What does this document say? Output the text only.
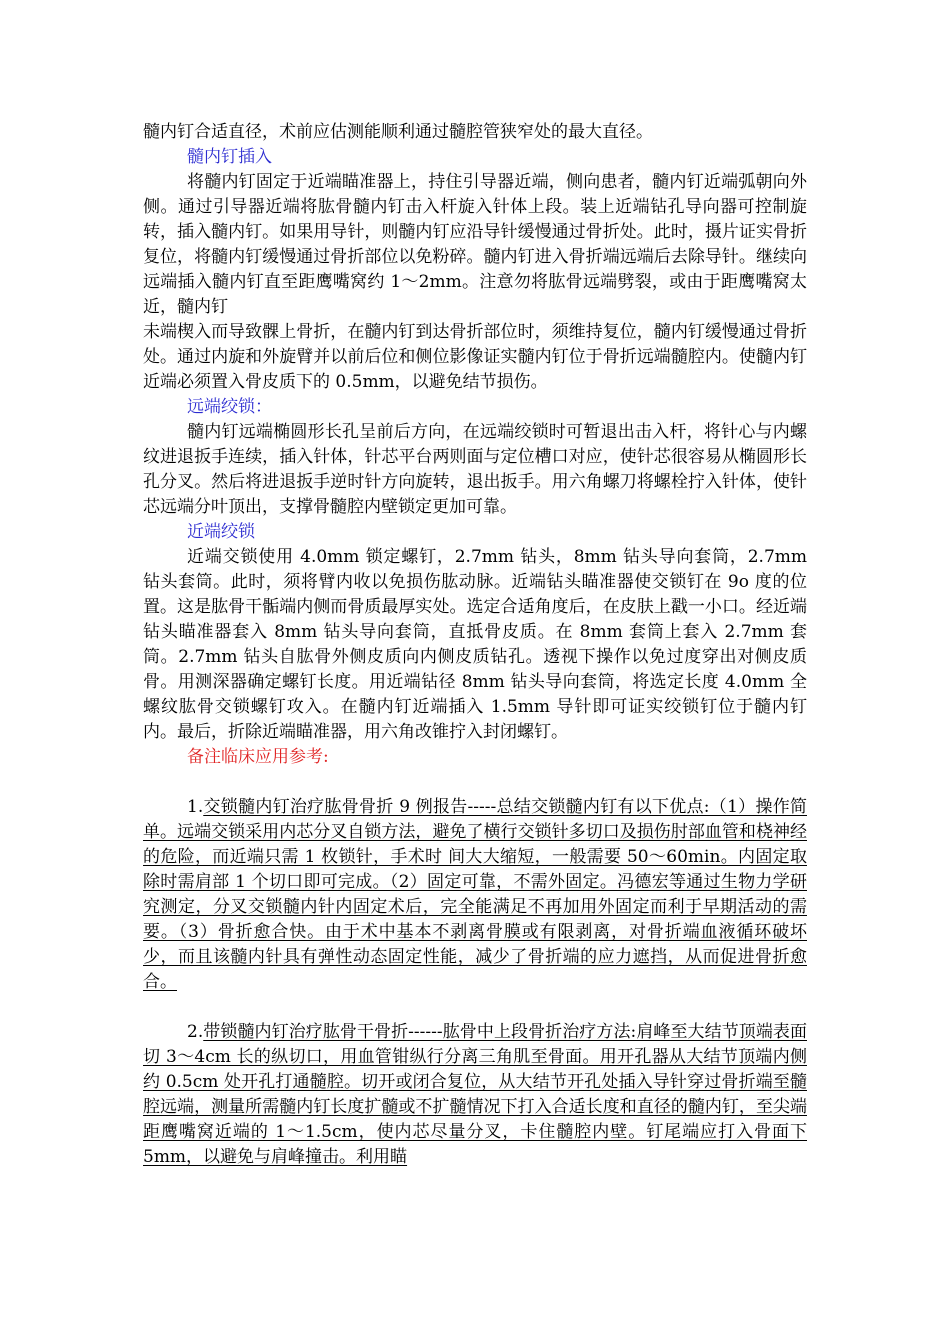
髓内钉合适直径，术前应估测能顺利通过髓腔管狭窄处的最大直径。

髓内钉插入

将髓内钉固定于近端瞄准器上，持住引导器近端，侧向患者，髓内钉近端弧朝向外侧。通过引导器近端将肱骨髓内钉击入杆旋入针体上段。装上近端钻孔导向器可控制旋转，插入髓内钉。如果用导针，则髓内钉应沿导针缓慢通过骨折处。此时，摄片证实骨折复位，将髓内钉缓慢通过骨折部位以免粉碎。髓内钉进入骨折端远端后去除导针。继续向远端插入髓内钉直至距鹰嘴窝约 1～2mm。注意勿将肱骨远端劈裂，或由于距鹰嘴窝太近，髓内钉

未端楔入而导致髁上骨折，在髓内钉到达骨折部位时，须维持复位，髓内钉缓慢通过骨折处。通过内旋和外旋臂并以前后位和侧位影像证实髓内钉位于骨折远端髓腔内。使髓内钉近端必须置入骨皮质下的 0.5mm，以避免结节损伤。

远端绞锁：

髓内钉远端椭圆形长孔呈前后方向，在远端绞锁时可暂退出击入杆，将针心与内螺纹进退扳手连续，插入针体，针芯平台两则面与定位槽口对应，使针芯很容易从椭圆形长孔分叉。然后将进退扳手逆时针方向旋转，退出扳手。用六角螺刀将螺栓拧入针体，使针芯远端分叶顶出，支撑骨髓腔内壁锁定更加可靠。

近端绞锁

近端交锁使用 4.0mm 锁定螺钉，2.7mm 钻头，8mm 钻头导向套筒，2.7mm 钻头套筒。此时，须将臂内收以免损伤肱动脉。近端钻头瞄准器使交锁钉在 9o 度的位置。这是肱骨干骺端内侧而骨质最厚实处。选定合适角度后，在皮肤上戳一小口。经近端钻头瞄准器套入 8mm 钻头导向套筒，直抵骨皮质。在 8mm 套筒上套入 2.7mm 套筒。2.7mm 钻头自肱骨外侧皮质向内侧皮质钻孔。透视下操作以免过度穿出对侧皮质骨。用测深器确定螺钉长度。用近端钻径 8mm 钻头导向套筒，将选定长度 4.0mm 全螺纹肱骨交锁螺钉攻入。在髓内钉近端插入 1.5mm 导针即可证实绞锁钉位于髓内钉内。最后，折除近端瞄准器，用六角改锥拧入封闭螺钉。

备注临床应用参考:

1.交锁髓内钉治疗肱骨骨折 9 例报告-----总结交锁髓内钉有以下优点:（1）操作简单。远端交锁采用内芯分叉自锁方法，避免了横行交锁针多切口及损伤肘部血管和桡神经的危险，而近端只需 1 枚锁针，手术时 间大大缩短，一般需要 50～60min。内固定取除时需肩部 1 个切口即可完成。（2）固定可靠，不需外固定。冯德宏等通过生物力学研究测定，分叉交锁髓内针内固定术后，完全能满足不再加用外固定而利于早期活动的需要。（3）骨折愈合快。由于术中基本不剥离骨膜或有限剥离，对骨折端血液循环破坏少，而且该髓内针具有弹性动态固定性能，减少了骨折端的应力遮挡，从而促进骨折愈合。

2.带锁髓内钉治疗肱骨干骨折------肱骨中上段骨折治疗方法:肩峰至大结节顶端表面切 3～4cm 长的纵切口，用血管钳纵行分离三角肌至骨面。用开孔器从大结节顶端内侧约 0.5cm 处开孔打通髓腔。切开或闭合复位，从大结节开孔处插入导针穿过骨折端至髓腔远端，测量所需髓内钉长度扩髓或不扩髓情况下打入合适长度和直径的髓内钉，至尖端距鹰嘴窝近端的 1～1.5cm，使内芯尽量分叉，卡住髓腔内壁。钉尾端应打入骨面下 5mm，以避免与肩峰撞击。利用瞄
